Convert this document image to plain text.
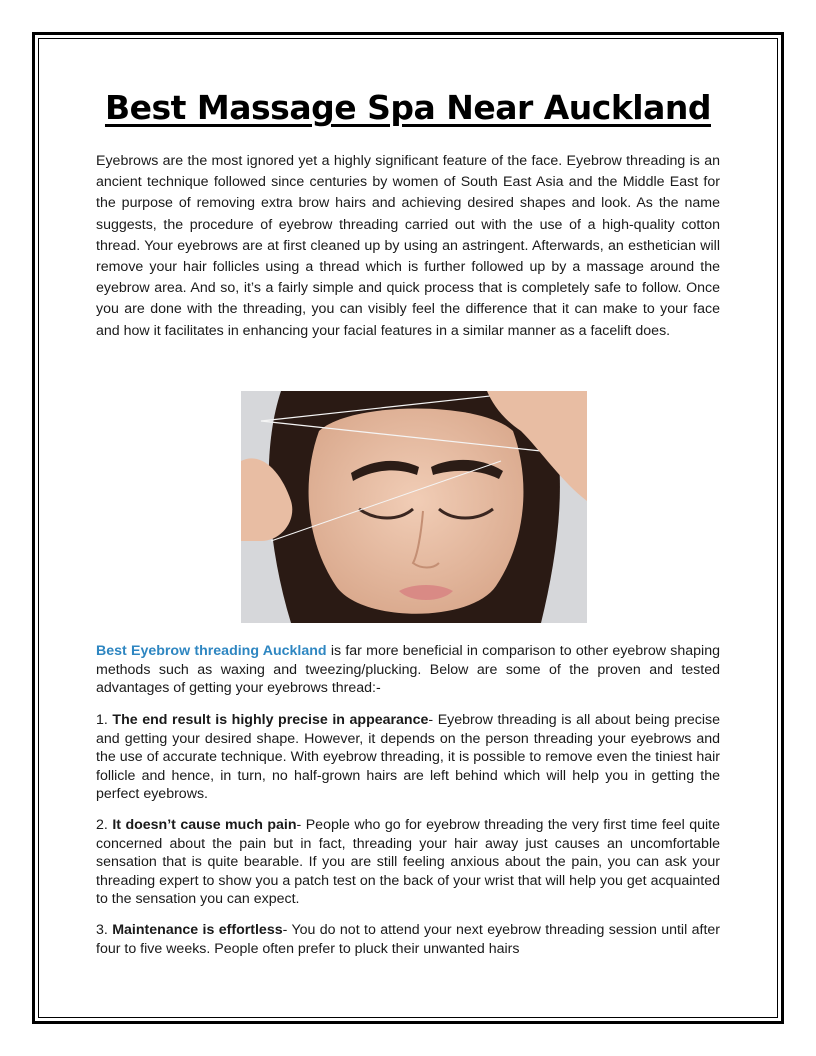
Best Massage Spa Near Auckland

Eyebrows are the most ignored yet a highly significant feature of the face. Eyebrow threading is an ancient technique followed since centuries by women of South East Asia and the Middle East for the purpose of removing extra brow hairs and achieving desired shapes and look. As the name suggests, the procedure of eyebrow threading carried out with the use of a high-quality cotton thread. Your eyebrows are at first cleaned up by using an astringent. Afterwards, an esthetician will remove your hair follicles using a thread which is further followed up by a massage around the eyebrow area. And so, it’s a fairly simple and quick process that is completely safe to follow. Once you are done with the threading, you can visibly feel the difference that it can make to your face and how it facilitates in enhancing your facial features in a similar manner as a facelift does.

Best Eyebrow threading Auckland is far more beneficial in comparison to other eyebrow shaping methods such as waxing and tweezing/plucking. Below are some of the proven and tested advantages of getting your eyebrows thread:-

1. The end result is highly precise in appearance- Eyebrow threading is all about being precise and getting your desired shape. However, it depends on the person threading your eyebrows and the use of accurate technique. With eyebrow threading, it is possible to remove even the tiniest hair follicle and hence, in turn, no half-grown hairs are left behind which will help you in getting the perfect eyebrows.

2. It doesn’t cause much pain- People who go for eyebrow threading the very first time feel quite concerned about the pain but in fact, threading your hair away just causes an uncomfortable sensation that is quite bearable. If you are still feeling anxious about the pain, you can ask your threading expert to show you a patch test on the back of your wrist that will help you get acquainted to the sensation you can expect.

3. Maintenance is effortless- You do not to attend your next eyebrow threading session until after four to five weeks. People often prefer to pluck their unwanted hairs
